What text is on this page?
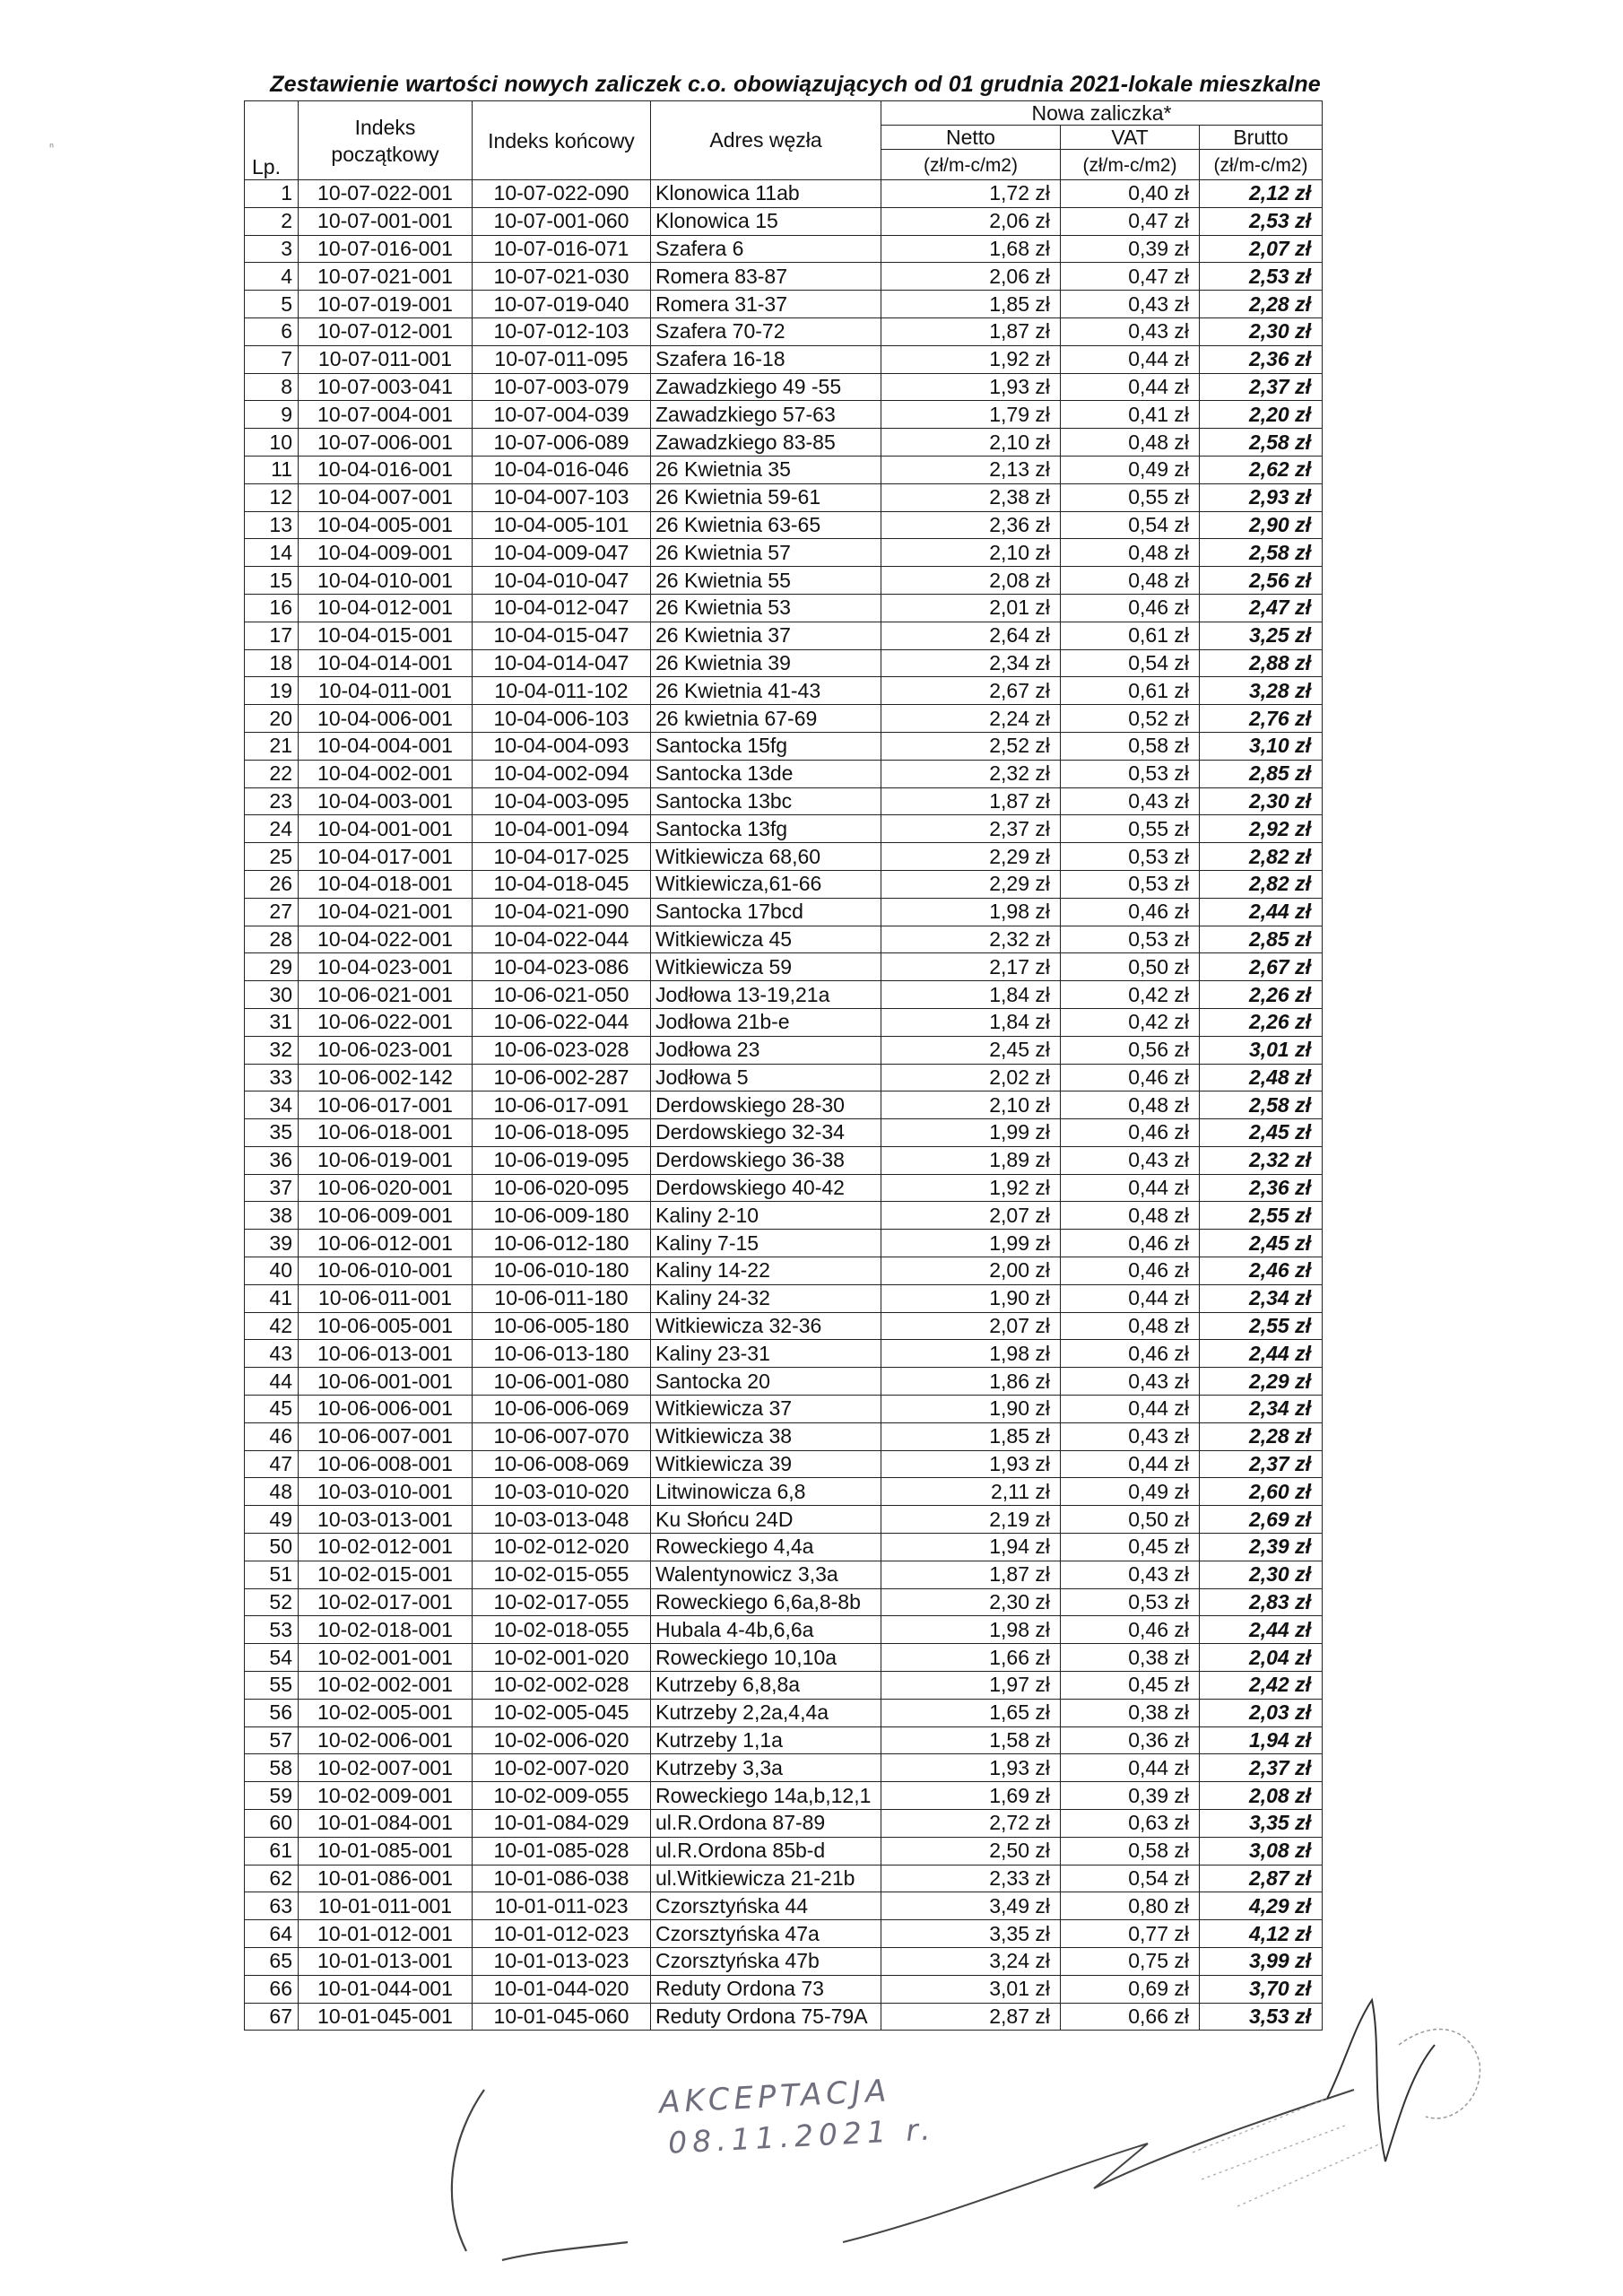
Zestawienie wartości nowych zaliczek c.o. obowiązujących od 01 grudnia 2021-lokale mieszkalne
ⁿ
Lp.	Indeks początkowy	Indeks końcowy	Adres węzła	Nowa zaliczka*		
				Netto	VAT	Brutto
				(zł/m-c/m2)	(zł/m-c/m2)	(zł/m-c/m2)
1	10-07-022-001	10-07-022-090	Klonowica 11ab	1,72 zł	0,40 zł	2,12 zł
2	10-07-001-001	10-07-001-060	Klonowica 15	2,06 zł	0,47 zł	2,53 zł
3	10-07-016-001	10-07-016-071	Szafera 6	1,68 zł	0,39 zł	2,07 zł
4	10-07-021-001	10-07-021-030	Romera 83-87	2,06 zł	0,47 zł	2,53 zł
5	10-07-019-001	10-07-019-040	Romera 31-37	1,85 zł	0,43 zł	2,28 zł
6	10-07-012-001	10-07-012-103	Szafera 70-72	1,87 zł	0,43 zł	2,30 zł
7	10-07-011-001	10-07-011-095	Szafera 16-18	1,92 zł	0,44 zł	2,36 zł
8	10-07-003-041	10-07-003-079	Zawadzkiego 49 -55	1,93 zł	0,44 zł	2,37 zł
9	10-07-004-001	10-07-004-039	Zawadzkiego 57-63	1,79 zł	0,41 zł	2,20 zł
10	10-07-006-001	10-07-006-089	Zawadzkiego 83-85	2,10 zł	0,48 zł	2,58 zł
11	10-04-016-001	10-04-016-046	26 Kwietnia 35	2,13 zł	0,49 zł	2,62 zł
12	10-04-007-001	10-04-007-103	26 Kwietnia 59-61	2,38 zł	0,55 zł	2,93 zł
13	10-04-005-001	10-04-005-101	26 Kwietnia 63-65	2,36 zł	0,54 zł	2,90 zł
14	10-04-009-001	10-04-009-047	26 Kwietnia 57	2,10 zł	0,48 zł	2,58 zł
15	10-04-010-001	10-04-010-047	26 Kwietnia 55	2,08 zł	0,48 zł	2,56 zł
16	10-04-012-001	10-04-012-047	26 Kwietnia 53	2,01 zł	0,46 zł	2,47 zł
17	10-04-015-001	10-04-015-047	26 Kwietnia 37	2,64 zł	0,61 zł	3,25 zł
18	10-04-014-001	10-04-014-047	26 Kwietnia 39	2,34 zł	0,54 zł	2,88 zł
19	10-04-011-001	10-04-011-102	26 Kwietnia 41-43	2,67 zł	0,61 zł	3,28 zł
20	10-04-006-001	10-04-006-103	26 kwietnia 67-69	2,24 zł	0,52 zł	2,76 zł
21	10-04-004-001	10-04-004-093	Santocka 15fg	2,52 zł	0,58 zł	3,10 zł
22	10-04-002-001	10-04-002-094	Santocka 13de	2,32 zł	0,53 zł	2,85 zł
23	10-04-003-001	10-04-003-095	Santocka 13bc	1,87 zł	0,43 zł	2,30 zł
24	10-04-001-001	10-04-001-094	Santocka 13fg	2,37 zł	0,55 zł	2,92 zł
25	10-04-017-001	10-04-017-025	Witkiewicza 68,60	2,29 zł	0,53 zł	2,82 zł
26	10-04-018-001	10-04-018-045	Witkiewicza,61-66	2,29 zł	0,53 zł	2,82 zł
27	10-04-021-001	10-04-021-090	Santocka 17bcd	1,98 zł	0,46 zł	2,44 zł
28	10-04-022-001	10-04-022-044	Witkiewicza 45	2,32 zł	0,53 zł	2,85 zł
29	10-04-023-001	10-04-023-086	Witkiewicza 59	2,17 zł	0,50 zł	2,67 zł
30	10-06-021-001	10-06-021-050	Jodłowa 13-19,21a	1,84 zł	0,42 zł	2,26 zł
31	10-06-022-001	10-06-022-044	Jodłowa 21b-e	1,84 zł	0,42 zł	2,26 zł
32	10-06-023-001	10-06-023-028	Jodłowa 23	2,45 zł	0,56 zł	3,01 zł
33	10-06-002-142	10-06-002-287	Jodłowa 5	2,02 zł	0,46 zł	2,48 zł
34	10-06-017-001	10-06-017-091	Derdowskiego 28-30	2,10 zł	0,48 zł	2,58 zł
35	10-06-018-001	10-06-018-095	Derdowskiego 32-34	1,99 zł	0,46 zł	2,45 zł
36	10-06-019-001	10-06-019-095	Derdowskiego 36-38	1,89 zł	0,43 zł	2,32 zł
37	10-06-020-001	10-06-020-095	Derdowskiego 40-42	1,92 zł	0,44 zł	2,36 zł
38	10-06-009-001	10-06-009-180	Kaliny 2-10	2,07 zł	0,48 zł	2,55 zł
39	10-06-012-001	10-06-012-180	Kaliny 7-15	1,99 zł	0,46 zł	2,45 zł
40	10-06-010-001	10-06-010-180	Kaliny 14-22	2,00 zł	0,46 zł	2,46 zł
41	10-06-011-001	10-06-011-180	Kaliny 24-32	1,90 zł	0,44 zł	2,34 zł
42	10-06-005-001	10-06-005-180	Witkiewicza 32-36	2,07 zł	0,48 zł	2,55 zł
43	10-06-013-001	10-06-013-180	Kaliny 23-31	1,98 zł	0,46 zł	2,44 zł
44	10-06-001-001	10-06-001-080	Santocka 20	1,86 zł	0,43 zł	2,29 zł
45	10-06-006-001	10-06-006-069	Witkiewicza 37	1,90 zł	0,44 zł	2,34 zł
46	10-06-007-001	10-06-007-070	Witkiewicza 38	1,85 zł	0,43 zł	2,28 zł
47	10-06-008-001	10-06-008-069	Witkiewicza 39	1,93 zł	0,44 zł	2,37 zł
48	10-03-010-001	10-03-010-020	Litwinowicza 6,8	2,11 zł	0,49 zł	2,60 zł
49	10-03-013-001	10-03-013-048	Ku Słońcu 24D	2,19 zł	0,50 zł	2,69 zł
50	10-02-012-001	10-02-012-020	Roweckiego 4,4a	1,94 zł	0,45 zł	2,39 zł
51	10-02-015-001	10-02-015-055	Walentynowicz 3,3a	1,87 zł	0,43 zł	2,30 zł
52	10-02-017-001	10-02-017-055	Roweckiego 6,6a,8-8b	2,30 zł	0,53 zł	2,83 zł
53	10-02-018-001	10-02-018-055	Hubala 4-4b,6,6a	1,98 zł	0,46 zł	2,44 zł
54	10-02-001-001	10-02-001-020	Roweckiego 10,10a	1,66 zł	0,38 zł	2,04 zł
55	10-02-002-001	10-02-002-028	Kutrzeby 6,8,8a	1,97 zł	0,45 zł	2,42 zł
56	10-02-005-001	10-02-005-045	Kutrzeby 2,2a,4,4a	1,65 zł	0,38 zł	2,03 zł
57	10-02-006-001	10-02-006-020	Kutrzeby 1,1a	1,58 zł	0,36 zł	1,94 zł
58	10-02-007-001	10-02-007-020	Kutrzeby 3,3a	1,93 zł	0,44 zł	2,37 zł
59	10-02-009-001	10-02-009-055	Roweckiego 14a,b,12,1	1,69 zł	0,39 zł	2,08 zł
60	10-01-084-001	10-01-084-029	ul.R.Ordona 87-89	2,72 zł	0,63 zł	3,35 zł
61	10-01-085-001	10-01-085-028	ul.R.Ordona 85b-d	2,50 zł	0,58 zł	3,08 zł
62	10-01-086-001	10-01-086-038	ul.Witkiewicza 21-21b	2,33 zł	0,54 zł	2,87 zł
63	10-01-011-001	10-01-011-023	Czorsztyńska 44	3,49 zł	0,80 zł	4,29 zł
64	10-01-012-001	10-01-012-023	Czorsztyńska 47a	3,35 zł	0,77 zł	4,12 zł
65	10-01-013-001	10-01-013-023	Czorsztyńska 47b	3,24 zł	0,75 zł	3,99 zł
66	10-01-044-001	10-01-044-020	Reduty Ordona 73	3,01 zł	0,69 zł	3,70 zł
67	10-01-045-001	10-01-045-060	Reduty Ordona 75-79A	2,87 zł	0,66 zł	3,53 zł
AKCEPTACJA
08.11.2021 r.
